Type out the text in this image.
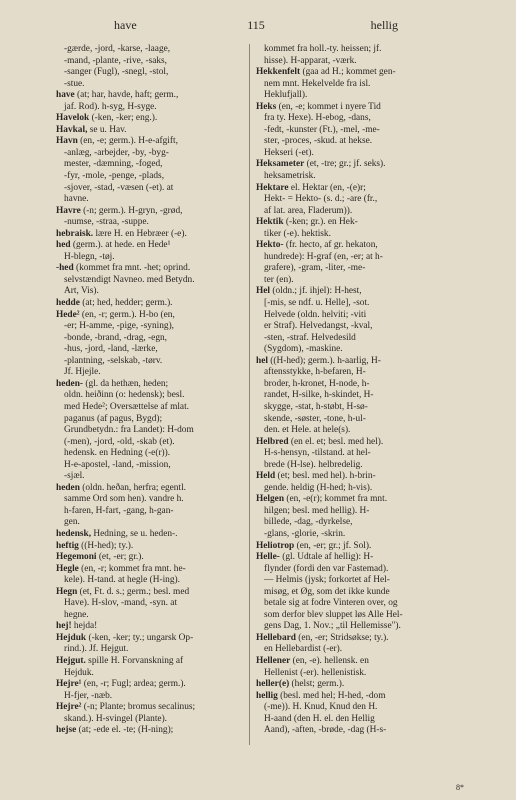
have	115	hellig
-gærde, -jord, -karse, -laage,
-mand, -plante, -rive, -saks,
-sanger (Fugl), -snegl, -stol,
-stue.
have (at; har, havde, haft; germ.,
jaf. Rod). h-syg, H-syge.
Havelok (-ken, -ker; eng.).
Havkal, se u. Hav.
Havn (en, -e; germ.). H-e-afgift,
-anlæg, -arbejder, -by, -byg-
mester, -dæmning, -foged,
-fyr, -mole, -penge, -plads,
-sjover, -stad, -væsen (-et). at
havne.
Havre (-n; germ.). H-gryn, -grød,
-numse, -straa, -suppe.
hebraisk. lære H. en Hebræer (-e).
hed (germ.). at hede. en Hede¹
H-blegn, -tøj.
-hed (kommet fra mnt. -het; oprind.
selvstændigt Navneo. med Betydn.
Art, Vis).
hedde (at; hed, hedder; germ.).
Hede² (en, -r; germ.). H-bo (en,
-er; H-amme, -pige, -syning),
-bonde, -brand, -drag, -egn,
-hus, -jord, -land, -lærke,
-plantning, -selskab, -tørv.
Jf. Hjejle.
heden- (gl. da hethæn, heden;
oldn. heiðinn (o: hedensk); besl.
med Hede²; Oversættelse af mlat.
paganus (af pagus, Bygd);
Grundbetydn.: fra Landet): H-dom
(-men), -jord, -old, -skab (et).
hedensk. en Hedning (-e(r)).
H-e-apostel, -land, -mission,
-sjæl.
heden (oldn. heðan, herfra; egentl.
samme Ord som hen). vandre h.
h-faren, H-fart, -gang, h-gan-
gen.
hedensk, Hedning, se u. heden-.
heftig ((H-hed); ty.).
Hegemoni (et, -er; gr.).
Hegle (en, -r; kommet fra mnt. he-
kele). H-tand. at hegle (H-ing).
Hegn (et, Ft. d. s.; germ.; besl. med
Have). H-slov, -mand, -syn. at
hegne.
hej! hejda!
Hejduk (-ken, -ker; ty.; ungarsk Op-
rind.). Jf. Hejgut.
Hejgut. spille H. Forvanskning af
Hejduk.
Hejre¹ (en, -r; Fugl; ardea; germ.).
H-fjer, -næb.
Hejre² (-n; Plante; bromus secalinus;
skand.). H-svingel (Plante).
hejse (at; -ede el. -te; (H-ning);
kommet fra holl.-ty. heissen; jf.
hisse). H-apparat, -værk.
Hekkenfelt (gaa ad H.; kommet gen-
nem mnt. Hekelvelde fra isl.
Heklufjall).
Heks (en, -e; kommet i nyere Tid
fra ty. Hexe). H-ebog, -dans,
-fedt, -kunster (Ft.), -mel, -me-
ster, -proces, -skud. at hekse.
Hekseri (-et).
Heksameter (et, -tre; gr.; jf. seks).
heksametrisk.
Hektare el. Hektar (en, -(e)r;
Hekt- = Hekto- (s. d.; -are (fr.,
af lat. area, Fladerum)).
Hektik (-ken; gr.). en Hek-
tiker (-e). hektisk.
Hekto- (fr. hecto, af gr. hekaton,
hundrede): H-graf (en, -er; at h-
grafere), -gram, -liter, -me-
ter (en).
Hel (oldn.; jf. ihjel): H-hest,
[-mis, se ndf. u. Helle], -sot.
Helvede (oldn. helviti; -viti
er Straf). Helvedangst, -kval,
-sten, -straf. Helvedesild
(Sygdom), -maskine.
hel ((H-hed); germ.). h-aarlig, H-
aftensstykke, h-befaren, H-
broder, h-kronet, H-node, h-
randet, H-silke, h-skindet, H-
skygge, -stat, h-støbt, H-sø-
skende, -søster, -tone, h-ul-
den. et Hele. at hele(s).
Helbred (en el. et; besl. med hel).
H-s-hensyn, -tilstand. at hel-
brede (H-lse). helbredelig.
Held (et; besl. med hel). h-brin-
gende. heldig (H-hed; h-vis).
Helgen (en, -e(r); kommet fra mnt.
hilgen; besl. med hellig). H-
billede, -dag, -dyrkelse,
-glans, -glorie, -skrin.
Heliotrop (en, -er; gr.; jf. Sol).
Helle- (gl. Udtale af hellig): H-
flynder (fordi den var Fastemad).
— Helmis (jysk; forkortet af Hel-
misøg, et Øg, som det ikke kunde
betale sig at fodre Vinteren over, og
som derfor blev sluppet løs Alle Hel-
gens Dag, 1. Nov.; „til Hellemisse").
Hellebard (en, -er; Stridsøkse; ty.).
en Hellebardist (-er).
Hellener (en, -e). hellensk. en
Hellenist (-er). hellenistisk.
heller(e) (helst; germ.).
hellig (besl. med hel; H-hed, -dom
(-me)). H. Knud, Knud den H.
H-aand (den H. el. den Hellig
Aand), -aften, -brøde, -dag (H-s-
8*
